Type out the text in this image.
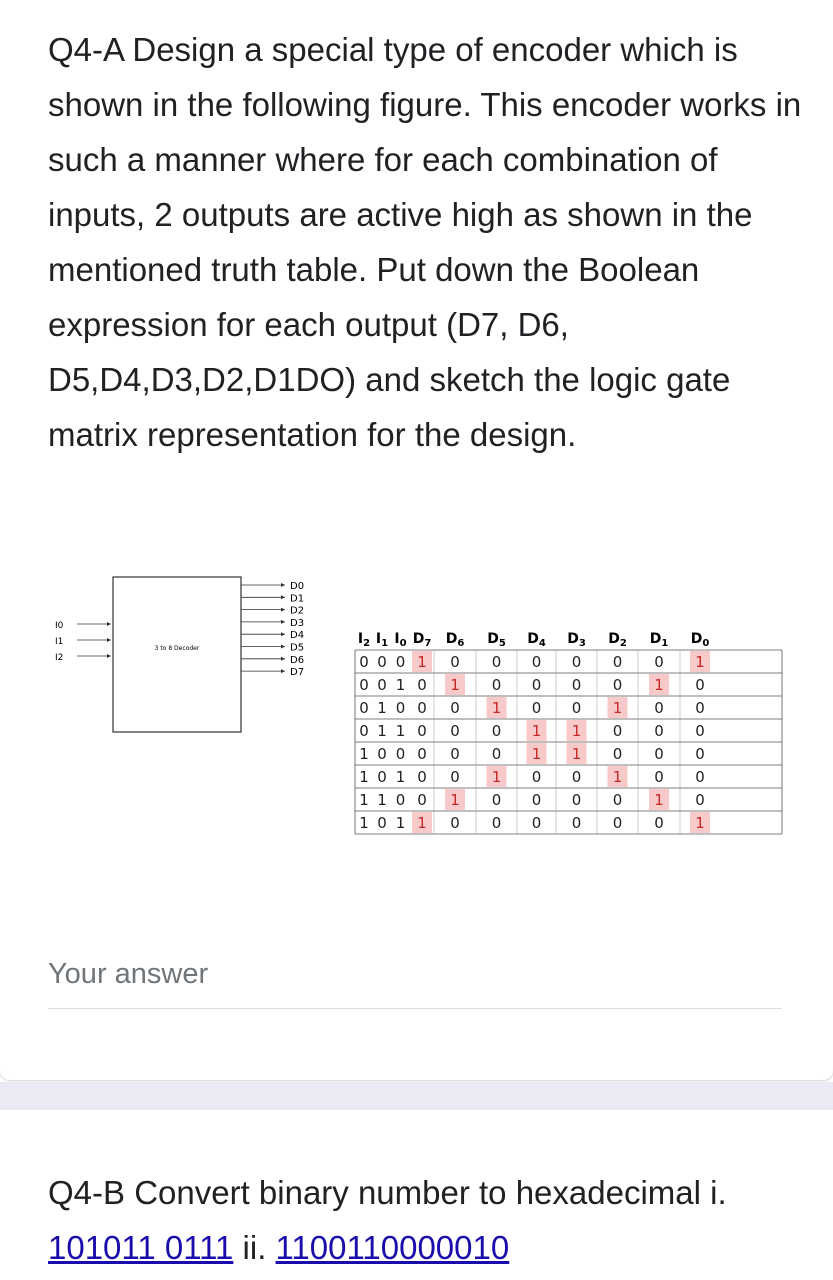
Q4-A Design a special type of encoder which is shown in the following figure. This encoder works in such a manner where for each combination of inputs, 2 outputs are active high as shown in the mentioned truth table. Put down the Boolean expression for each output (D7, D6, D5,D4,D3,D2,D1DO) and sketch the logic gate matrix representation for the design.

3 to 8 Decoder
I0
I1
I2
D0
D1
D2
D3
D4
D5
D6
D7
$I_2$ $I_1$ $I_0$ $D_7$ $D_6$ $D_5$ $D_4$ $D_3$ $D_2$ $D_1$ $D_0$
0 0 0 1 0 0 0 0 0 0 1
0 0 1 0 1 0 0 0 0 1 0
0 1 0 0 0 1 0 0 1 0 0
0 1 1 0 0 0 1 1 0 0 0
1 0 0 0 0 0 1 1 0 0 0
1 0 1 0 0 1 0 0 1 0 0
1 1 0 0 1 0 0 0 0 1 0
1 0 1 1 0 0 0 0 0 0 1
Your answer

Q4-B Convert binary number to hexadecimal i. 101011 0111 ii. 1100110000010
